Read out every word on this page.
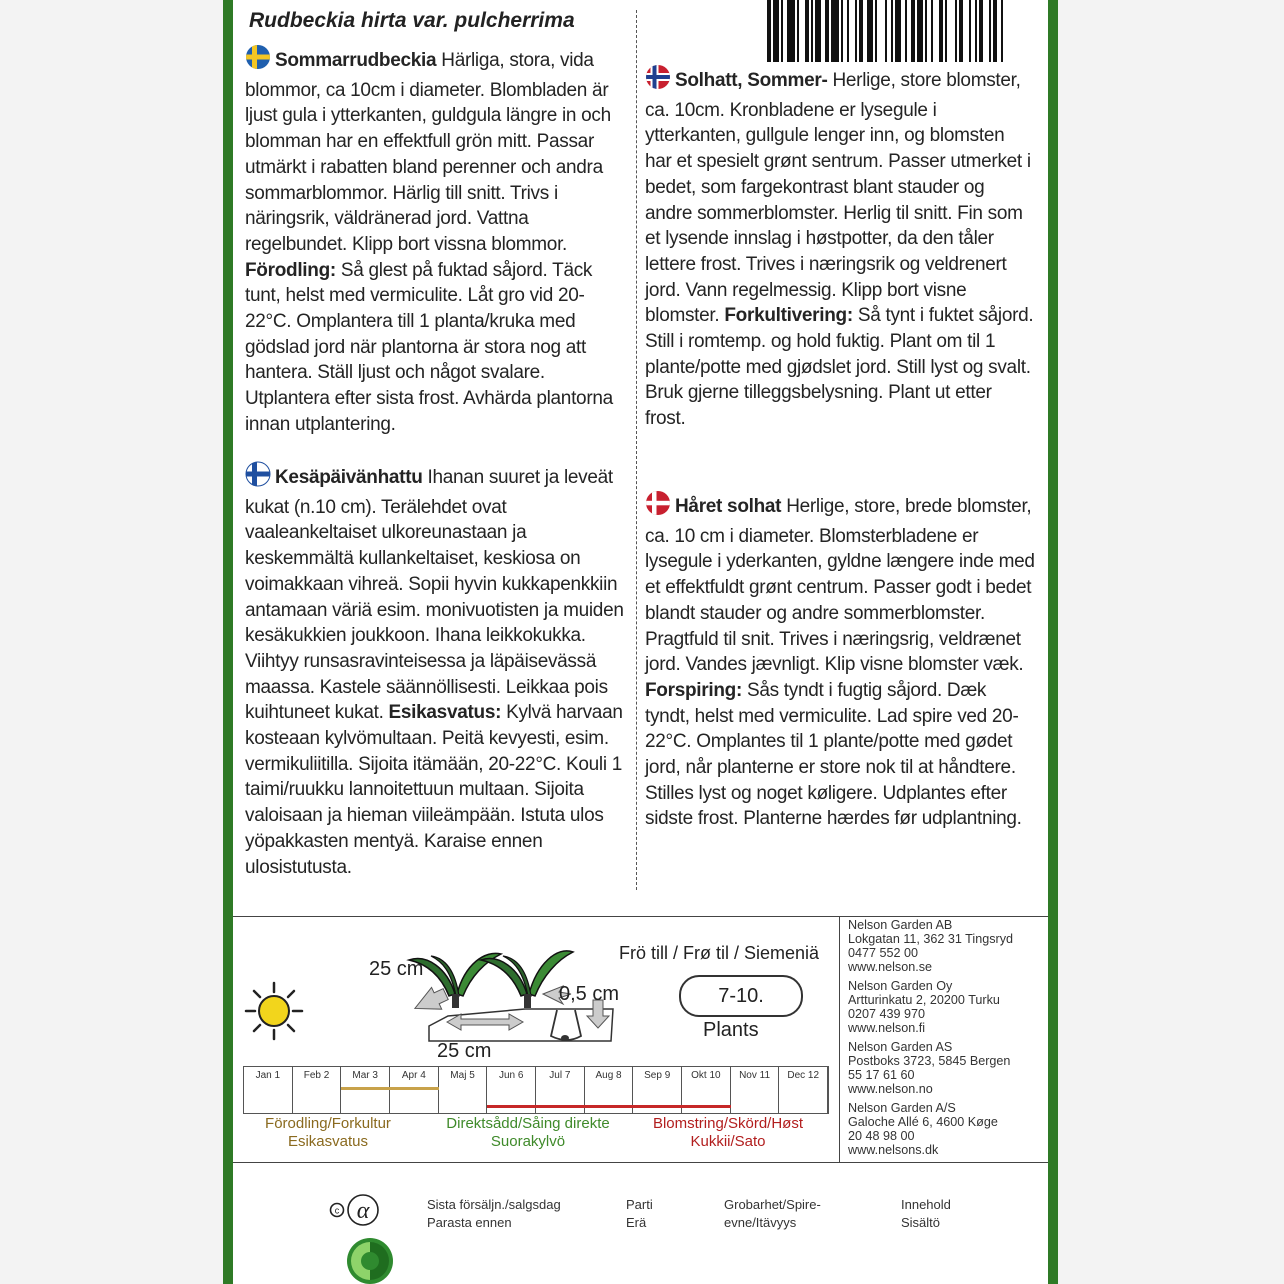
Rudbeckia hirta var. pulcherrima
Sommarrudbeckia Härliga, stora, vida blommor, ca 10cm i diameter. Blombladen är ljust gula i ytterkanten, guldgula längre in och blomman har en effektfull grön mitt. Passar utmärkt i rabatten bland perenner och andra sommarblommor. Härlig till snitt. Trivs i näringsrik, väldränerad jord. Vattna regelbundet. Klipp bort vissna blommor. Förodling: Så glest på fuktad såjord. Täck tunt, helst med vermiculite. Låt gro vid 20-22°C. Omplantera till 1 planta/kruka med gödslad jord när plantorna är stora nog att hantera. Ställ ljust och något svalare. Utplantera efter sista frost. Avhärda plantorna innan utplantering.
Kesäpäivänhattu Ihanan suuret ja leveät kukat (n.10 cm). Terälehdet ovat vaaleankeltaiset ulkoreunastaan ja keskemmältä kullankeltaiset, keskiosa on voimakkaan vihreä. Sopii hyvin kukkapenkkiin antamaan väriä esim. monivuotisten ja muiden kesäkukkien joukkoon. Ihana leikkokukka. Viihtyy runsasravinteisessa ja läpäisevässä maassa. Kastele säännöllisesti. Leikkaa pois kuihtuneet kukat. Esikasvatus: Kylvä harvaan kosteaan kylvömultaan. Peitä kevyesti, esim. vermikuliitilla. Sijoita itämään, 20-22°C. Kouli 1 taimi/ruukku lannoitettuun multaan. Sijoita valoisaan ja hieman viileämpään. Istuta ulos yöpakkasten mentyä. Karaise ennen ulosistutusta.
Solhatt, Sommer- Herlige, store blomster, ca. 10cm. Kronbladene er lysegule i ytterkanten, gullgule lenger inn, og blomsten har et spesielt grønt sentrum. Passer utmerket i bedet, som fargekontrast blant stauder og andre sommerblomster. Herlig til snitt. Fin som et lysende innslag i høstpotter, da den tåler lettere frost. Trives i næringsrik og veldrenert jord. Vann regelmessig. Klipp bort visne blomster. Forkultivering: Så tynt i fuktet såjord. Still i romtemp. og hold fuktig. Plant om til 1 plante/potte med gjødslet jord. Still lyst og svalt. Bruk gjerne tilleggsbelysning. Plant ut etter frost.
Håret solhat Herlige, store, brede blomster, ca. 10 cm i diameter. Blomsterbladene er lysegule i yderkanten, gyldne længere inde med et effektfuldt grønt centrum. Passer godt i bedet blandt stauder og andre sommerblomster. Pragtfuld til snit. Trives i næringsrig, veldrænet jord. Vandes jævnligt. Klip visne blomster væk. Forspiring: Sås tyndt i fugtig såjord. Dæk tyndt, helst med vermiculite. Lad spire ved 20-22°C. Omplantes til 1 plante/potte med gødet jord, når planterne er store nok til at håndtere. Stilles lyst og noget køligere. Udplantes efter sidste frost. Planterne hærdes før udplantning.
25 cm
25 cm
0,5 cm
Frö till / Frø til / Siemeniä
7-10.
Plants
Jan 1	Feb 2	Mar 3	Apr 4	Maj 5	Jun 6	Jul 7	Aug 8	Sep 9	Okt 10	Nov 11	Dec 12
Förodling/Forkultur
Esikasvatus
Direktsådd/Såing direkte
Suorakylvö
Blomstring/Skörd/Høst
Kukkii/Sato
Nelson Garden AB
Lokgatan 11, 362 31 Tingsryd
0477 552 00
www.nelson.se
Nelson Garden Oy
Artturinkatu 2, 20200 Turku
0207 439 970
www.nelson.fi
Nelson Garden AS
Postboks 3723, 5845 Bergen
55 17 61 60
www.nelson.no
Nelson Garden A/S
Galoche Allé 6, 4600 Køge
20 48 98 00
www.nelsons.dk
c α	Sista försäljn./salgsdag
Parasta ennen
Parti
Erä
Grobarhet/Spire-
evne/Itävyys
Innehold
Sisältö
